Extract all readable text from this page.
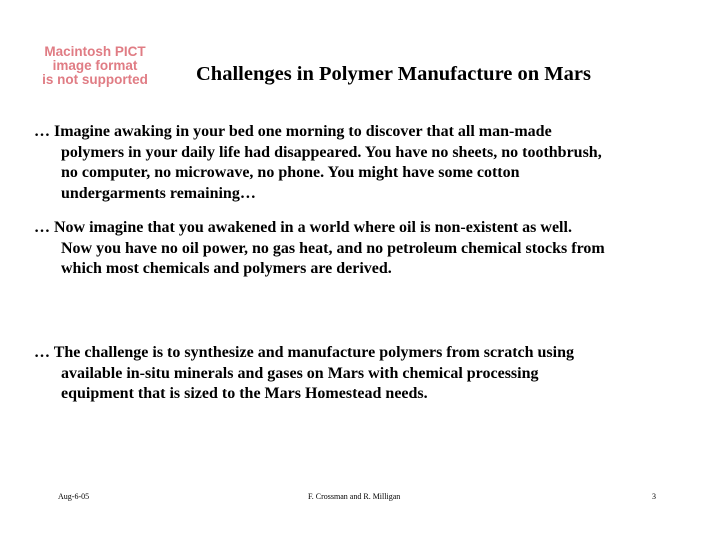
Macintosh PICT
image format
is not supported	Challenges in Polymer Manufacture on Mars
… Imagine awaking in your bed one morning to discover that all man-made
polymers in your daily life had disappeared. You have no sheets, no toothbrush,
no computer, no microwave, no phone. You might have some cotton
undergarments remaining…
… Now imagine that you awakened in a world where oil is non-existent as well.
Now you have no oil power, no gas heat, and no petroleum chemical stocks from
which most chemicals and polymers are derived.
… The challenge is to synthesize and manufacture polymers from scratch using
available in-situ minerals and gases on Mars with chemical processing
equipment that is sized to the Mars Homestead needs.
Aug-6-05	F. Crossman and R. Milligan	3
